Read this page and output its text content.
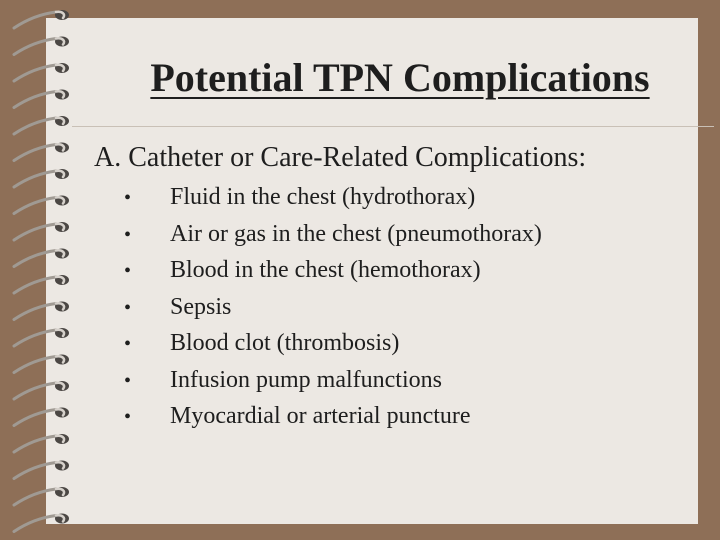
Potential TPN Complications
A. Catheter or Care-Related Complications:
•	Fluid in the chest (hydrothorax)
•	Air or gas in the chest (pneumothorax)
•	Blood in the chest (hemothorax)
•	Sepsis
•	Blood clot (thrombosis)
•	Infusion pump malfunctions
•	Myocardial or arterial puncture
